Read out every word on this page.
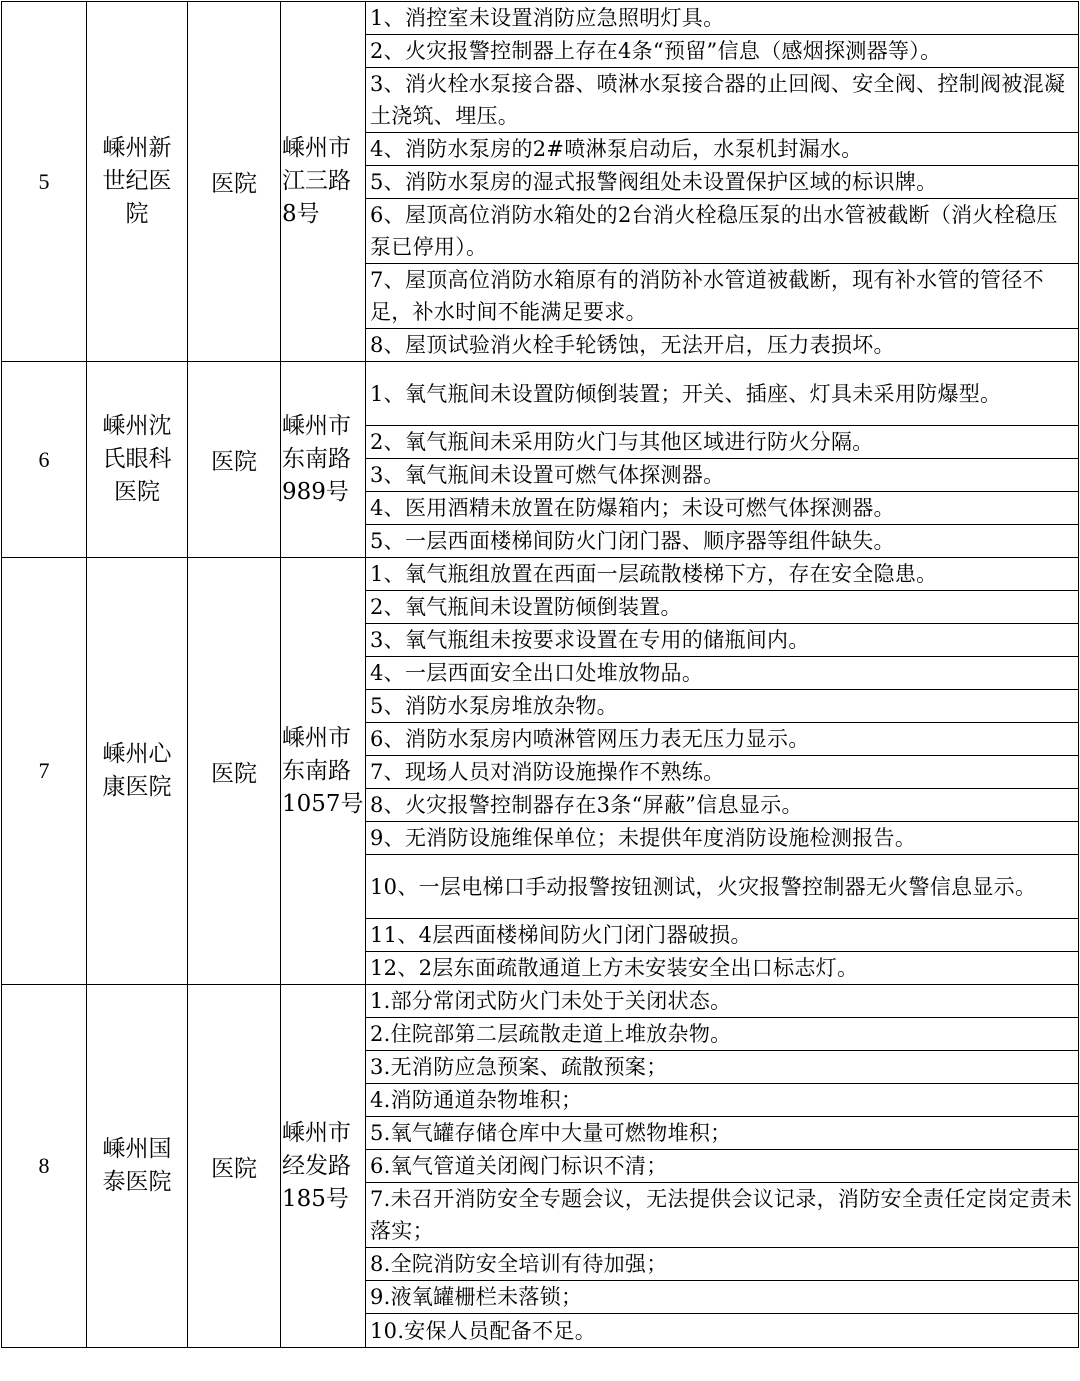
5	嵊州新
世纪医
院	医院	嵊州市
江三路
8号	1、消控室未设置消防应急照明灯具。
				2、火灾报警控制器上存在4条“预留”信息（感烟探测器等）。
				3、消火栓水泵接合器、喷淋水泵接合器的止回阀、安全阀、控制阀被混凝土浇筑、埋压。
				4、消防水泵房的2#喷淋泵启动后，水泵机封漏水。
				5、消防水泵房的湿式报警阀组处未设置保护区域的标识牌。
				6、屋顶高位消防水箱处的2台消火栓稳压泵的出水管被截断（消火栓稳压泵已停用）。
				7、屋顶高位消防水箱原有的消防补水管道被截断，现有补水管的管径不足，补水时间不能满足要求。
				8、屋顶试验消火栓手轮锈蚀，无法开启，压力表损坏。
6	嵊州沈
氏眼科
医院	医院	嵊州市
东南路
989号	1、氧气瓶间未设置防倾倒装置；开关、插座、灯具未采用防爆型。
				2、氧气瓶间未采用防火门与其他区域进行防火分隔。
				3、氧气瓶间未设置可燃气体探测器。
				4、医用酒精未放置在防爆箱内；未设可燃气体探测器。
				5、一层西面楼梯间防火门闭门器、顺序器等组件缺失。
7	嵊州心
康医院	医院	嵊州市
东南路
1057号	1、氧气瓶组放置在西面一层疏散楼梯下方，存在安全隐患。
				2、氧气瓶间未设置防倾倒装置。
				3、氧气瓶组未按要求设置在专用的储瓶间内。
				4、一层西面安全出口处堆放物品。
				5、消防水泵房堆放杂物。
				6、消防水泵房内喷淋管网压力表无压力显示。
				7、现场人员对消防设施操作不熟练。
				8、火灾报警控制器存在3条“屏蔽”信息显示。
				9、无消防设施维保单位；未提供年度消防设施检测报告。
				10、一层电梯口手动报警按钮测试，火灾报警控制器无火警信息显示。
				11、4层西面楼梯间防火门闭门器破损。
				12、2层东面疏散通道上方未安装安全出口标志灯。
8	嵊州国
泰医院	医院	嵊州市
经发路
185号	1.部分常闭式防火门未处于关闭状态。
				2.住院部第二层疏散走道上堆放杂物。
				3.无消防应急预案、疏散预案；
				4.消防通道杂物堆积；
				5.氧气罐存储仓库中大量可燃物堆积；
				6.氧气管道关闭阀门标识不清；
				7.未召开消防安全专题会议，无法提供会议记录，消防安全责任定岗定责未落实；
				8.全院消防安全培训有待加强；
				9.液氧罐栅栏未落锁；
				10.安保人员配备不足。
